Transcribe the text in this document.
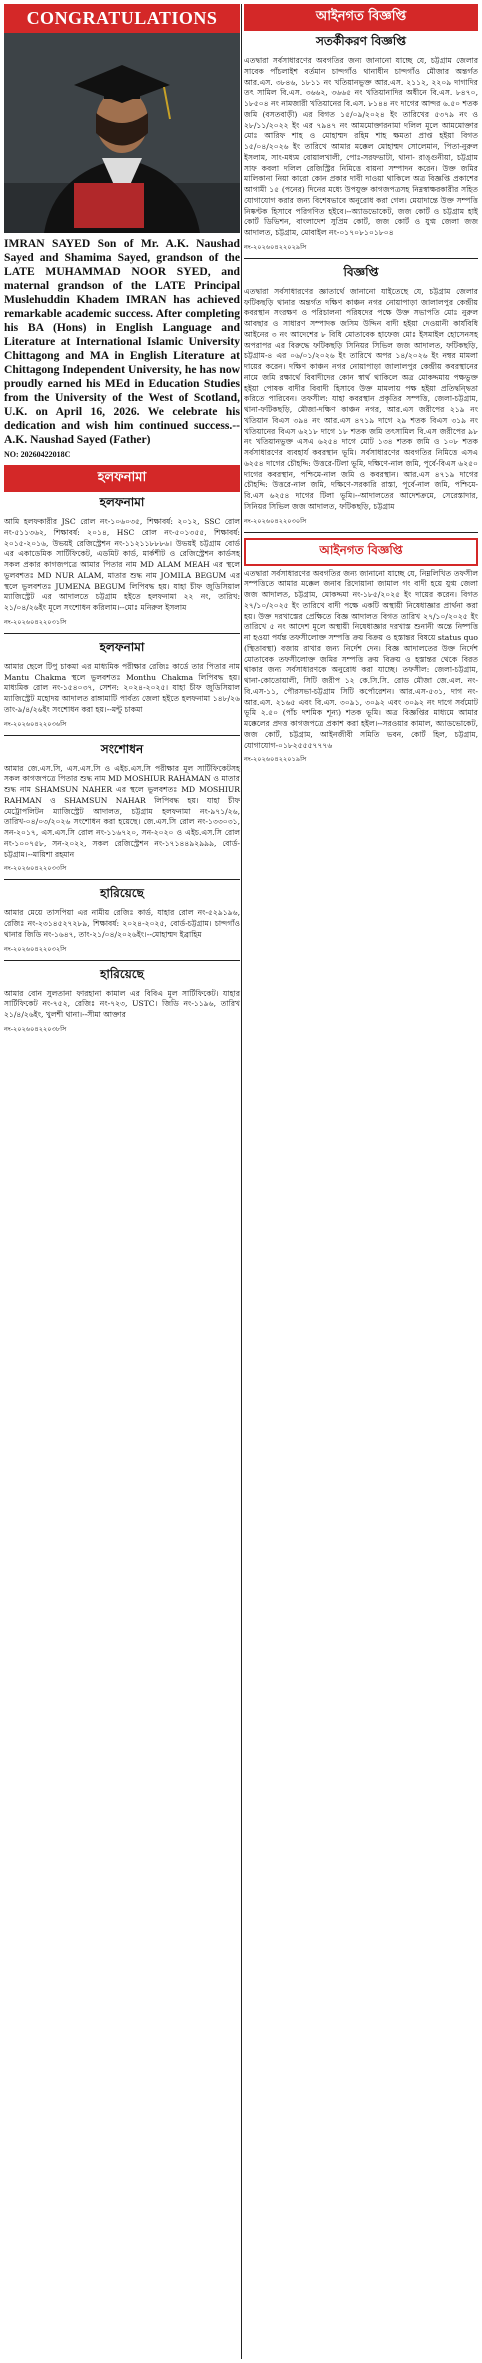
CONGRATULATIONS

IMRAN SAYED Son of Mr. A.K. Naushad Sayed and Shamima Sayed, grandson of the LATE MUHAMMAD NOOR SYED, and maternal grandson of the LATE Principal Muslehuddin Khadem IMRAN has achieved remarkable academic success. After completing his BA (Hons) in English Language and Literature at International Islamic University Chittagong and MA in English Literature at Chittagong Independent University, he has now proudly earned his MEd in Education Studies from the University of the West of Scotland, U.K. on April 16, 2026. We celebrate his dedication and wish him continued success.--A.K. Naushad Sayed (Father)

NO: 20260422018C
হলফনামা
হলফনামা

আমি হলফকারীর JSC রোল নং-১০৬০৩৫, শিক্ষাবর্ষ: ২০১২, SSC রোল নং-৫১১৩৬২, শিক্ষাবর্ষ: ২০১৪, HSC রোল নং-৫০১৩৫৫, শিক্ষাবর্ষ: ২০১৫-২০১৬, উভয়ই রেজিস্ট্রেশন নং-১১২১১৮৮৮৬। উভয়ই চট্টগ্রাম বোর্ড এর একাডেমিক সার্টিফিকেট, এডমিট কার্ড, মার্কশীট ও রেজিস্ট্রেশন কার্ডসহ সকল প্রকার কাগজপত্রে আমার পিতার নাম MD ALAM MEAH এর স্থলে ভুলবশতঃ MD NUR ALAM, মাতার শুদ্ধ নাম JOMILA BEGUM এর স্থলে ভুলবশতঃ JUMENA BEGUM লিপিবদ্ধ হয়। যাহা চীফ জুডিসিয়াল ম্যাজিস্ট্রেট এর আদালতে চট্টগ্রাম হইতে হলফনামা ২২ নং, তারিখ: ২১/০৪/২৬ইং মূলে সংশোধন করিলাম।--মোঃ মনিরুল ইসলাম

নং-২০২৬০৪২২০৩১সি
হলফনামা

আমার ছেলে টিপু চাকমা এর মাধ্যমিক পরীক্ষার রেজিঃ কার্ডে তার পিতার নাম Mantu Chakma স্থলে ভুলবশতঃ Monthu Chakma লিপিবদ্ধ হয়। মাধ্যমিক রোল নং-১৫৪০৩৭, সেশন: ২০২৪-২০২৫। যাহা চীফ জুডিসিয়াল ম্যাজিস্ট্রেট মহোদয় আদালত রাঙ্গামাটি পার্বত্য জেলা হইতে হলফনামা ১৪৮/২৬ তাং-৯/৪/২৬ইং সংশোধন করা হয়।--মন্টু চাকমা

নং-২০২৬০৪২২০৩৬সি
সংশোধন

আমার জে.এস.সি, এস.এস.সি ও এইচ.এস.সি পরীক্ষার মূল সার্টিফিকেটসহ সকল কাগজপত্রে পিতার শুদ্ধ নাম MD MOSHIUR RAHAMAN ও মাতার শুদ্ধ নাম SHAMSUN NAHER এর স্থলে ভুলবশতঃ MD MOSHIUR RAHMAN ও SHAMSUN NAHAR লিপিবদ্ধ হয়। যাহা চীফ মেট্রোপলিটন ম্যাজিস্ট্রেট আদালত, চট্টগ্রাম হলফনামা নং-৯৭১/২৬, তারিখ-০৪/০৩/২০২৬ সংশোধন করা হয়েছে। জে.এস.সি রোল নং-১৩৩০৩১, সন-২০১৭, এস.এস.সি রোল নং-১১৬৭২০, সন-২০২০ ও এইচ.এস.সি রোল নং-১০০৭৫৮, সন-২০২২, সকল রেজিস্ট্রেশন নং-১৭১৪৪৯২৯৯৯, বোর্ড-চট্টগ্রাম।--মায়িশা রহমান

নং-২০২৬০৪২২০৩৩সি
হারিয়েছে

আমার মেয়ে তাসপিয়া এর নামীয় রেজিঃ কার্ড, যাহার রোল নং-৫২৯১৯৬, রেজিঃ নং-২৩১৪৫২৭২৮৯, শিক্ষাবর্ষ: ২০২৪-২০২৫, বোর্ড-চট্টগ্রাম। চান্দগাঁও থানার জিডি নং-১৬৪৭, তাং-২১/০৪/২০২৬ইং।--মোহাম্মদ ইব্রাহিম

নং-২০২৬০৪২২০৩২সি
হারিয়েছে

আমার বোন সুলতানা ফারহানা কামাল এর বিবিএ মূল সার্টিফিকেট। যাহার সার্টিফিকেট নং-৭৫২, রেজিঃ নং-৭২৩, USTC। জিডি নং-১১৯৬, তারিখ ২১/৪/২৬ইং, খুলশী থানা।--সীমা আক্তার

নং-২০২৬০৪২২০৩৮সি
আইনগত বিজ্ঞপ্তি
সতর্কীকরণ বিজ্ঞপ্তি

এতদ্বারা সর্বসাধারণের অবগতির জন্য জানানো যাচ্ছে যে, চট্টগ্রাম জেলার সাবেক পাঁচলাইশ বর্তমান চান্দগাঁও থানাধীন চান্দগাঁও মৌজার অন্তর্গত আর.এস. ৩৮৪৬, ১৮১১ নং খতিয়ানভুক্ত আর.এস. ২১১২, ২২০৯ দাগাদির তৎ সামিল বি.এস. ৩৬৬২, ৩৬৬৫ নং খতিয়ানাদির অধীনে বি.এস. ৮৪৭০, ১৮৫০৪ নং নামজারী খতিয়ানের বি.এস. ৮১৪৪ নং দাগের আন্দর ৬.৫০ শতক জমি (বসতবাড়ী) এর বিগত ১৫/০৯/২০২৪ ইং তারিখের ৫৩৭৯ নং ও ২৮/১১/২০২২ ইং এর ৭৯৪৭ নং আমমোক্তারনামা দলিল মূলে আমমোক্তার মোঃ আরিফ শাহ ও মোহাম্মদ রহিম শাহ ক্ষমতা প্রাপ্ত হইয়া বিগত ১৫/০৪/২০২৬ ইং তারিখে আমার মক্কেল মোহাম্মদ সোলেমান, পিতা-নুরুল ইসলাম, সাং-মধ্যম বোয়ালখালী, পোঃ-সরফভাটা, থানা- রাঙ্গুনীয়া, চট্টগ্রাম সাফ কবলা দলিল রেজিস্ট্রির নিমিত্তে বায়না সম্পাদন করেন। উক্ত জমির মালিকানা নিয়া কারো কোন প্রকার দাবী দাওয়া থাকিলে অত্র বিজ্ঞপ্তি প্রকাশের আগামী ১৫ (পনের) দিনের মধ্যে উপযুক্ত কাগজপত্রসহ নিম্নস্বাক্ষরকারীর সহিত যোগাযোগ করার জন্য বিশেষভাবে অনুরোধ করা গেল। মেয়াদান্তে উক্ত সম্পত্তি নিষ্কণ্টক হিসাবে পরিগণিত হইবে।--অ্যাডভোকেট, জজ কোর্ট ও চট্টগ্রাম হাই কোর্ট ডিভিশন, বাংলাদেশ সুপ্রিম কোর্ট, জজ কোর্ট ও যুগ্ম জেলা জজ আদালত, চট্টগ্রাম, মোবাইল নং-০১৭০৮১০১৮০৪

নং-২০২৬০৪২২০২৯সি
বিজ্ঞপ্তি

এতদ্বারা সর্বসাধারণের জ্ঞাতার্থে জানানো যাইতেছে যে, চট্টগ্রাম জেলার ফটিকছড়ি থানার অন্তর্গত দক্ষিণ কাঞ্চন নগর নোয়াপাড়া জালালপুর কেন্দ্রীয় কবরস্থান সংরক্ষণ ও পরিচালনা পরিষদের পক্ষে উক্ত সভাপতি মোঃ নুরুল আবছার ও সাধারণ সম্পাদক জসিম উদ্দিন বাদী হইয়া দেওয়ানী কার্যবিধি আইনের ৩ নং আদেশের ৮ বিধি মোতাবেক হাফেজ মোঃ ইসমাইল হোসেনসহ অপরাপর এর বিরুদ্ধে ফটিকছড়ি সিনিয়র সিভিল জজ আদালত, ফটিকছড়ি, চট্টগ্রাম-৪ এর ০৬/০১/২০২৬ ইং তারিখে অপর ১৪/২০২৬ ইং নম্বর মামলা দায়ের করেন। দক্ষিণ কাঞ্চন নগর নোয়াপাড়া জালালপুর কেন্দ্রীয় কবরস্থানের নামে জমি রক্ষার্থে বিবাদীদের কোন স্বার্থ থাকিলে অত্র মোকদ্দমায় পক্ষভুক্ত হইয়া পোষক বাদীর বিবাদী হিসাবে উক্ত মামলায় পক্ষ হইয়া প্রতিদ্বন্দ্বিতা করিতে পারিবেন। তফসীল: যাহা কবরস্থান প্রকৃতির সম্পত্তি, জেলা-চট্টগ্রাম, থানা-ফটিকছড়ি, মৌজা-দক্ষিণ কাঞ্চন নগর, আর.এস জরীপের ২১৯ নং খতিয়ান বিএস ৩৯৪ নং আর.এস ৪৭১৯ দাগে ২৯ শতক বিএস ৩১৯ নং খতিয়ানের বিএস ৬২১৮ দাগে ১৮ শতক জমি তৎসামিল বি.এস জরীপের ৯৮ নং খতিয়ানভুক্ত এসএ ৬২৫৪ দাগে মোট ১৩৪ শতক জমি ও ১০৮ শতক সর্বসাধারণের ব্যবহার্য কবরস্থান ভূমি। সর্বসাধারণের অবগতির নিমিত্তে এসএ ৬২৫৪ দাগের চৌহদ্দি: উত্তরে-টিলা ভূমি, দক্ষিণে-নাল জমি, পূর্বে-বিএস ৬২৫০ দাগের কবরস্থান, পশ্চিমে-নাল জমি ও কবরস্থান। আর.এস ৪৭১৯ দাগের চৌহদ্দি: উত্তরে-নাল জমি, দক্ষিণে-সরকারি রাস্তা, পূর্বে-নাল জমি, পশ্চিমে-বি.এস ৬২৫৪ দাগের টিলা ভূমি।--আদালতের আদেশক্রমে, সেরেস্তাদার, সিনিয়র সিভিল জজ আদালত, ফটিকছড়ি, চট্টগ্রাম

নং-২০২৬০৪২২০৩০সি
আইনগত বিজ্ঞপ্তি

এতদ্বারা সর্বসাধারণের অবগতির জন্য জানানো যাচ্ছে যে, নিম্নলিখিত তফসীল সম্পত্তিতে আমার মক্কেল জনাব রিদোয়ানা জামাল গং বাদী হয়ে যুগ্ম জেলা জজ আদালত, চট্টগ্রাম, মোকদ্দমা নং-১৮৫/২০২৫ ইং দায়ের করেন। বিগত ২৭/১০/২০২৫ ইং তারিখে বাদী পক্ষে একটি অস্থায়ী নিষেধাজ্ঞার প্রার্থনা করা হয়। উক্ত দরখাস্তের প্রেক্ষিতে বিজ্ঞ আদালত বিগত তারিখ ২৭/১০/২০২৫ ইং তারিখে ৫ নং আদেশ মূলে অস্থায়ী নিষেধাজ্ঞার দরখাস্ত শুনানী অন্তে নিষ্পত্তি না হওয়া পর্যন্ত তফসীলোক্ত সম্পত্তি ক্রয় বিক্রয় ও হস্তান্তর বিষয়ে status quo (স্থিতাবস্থা) বজায় রাখার জন্য নির্দেশ দেন। বিজ্ঞ আদালতের উক্ত নির্দেশ মোতাবেক তফসীলোক্ত জমির সম্পত্তি ক্রয় বিক্রয় ও হস্তান্তর থেকে বিরত থাকার জন্য সর্বসাধারণকে অনুরোধ করা যাচ্ছে। তফসীল: জেলা-চট্টগ্রাম, থানা-কোতোয়ালী, সিটি জরীপ ১২ কে.সি.সি. রোড মৌজা জে.এল. নং-বি.এস-১১, পৌরসভা-চট্টগ্রাম সিটি কর্পোরেশন। আর.এস-৫৩১, দাগ নং-আর.এস. ২১৬৫ এবং বি.এস. ৩০৯১, ৩০৯২ এবং ৩০৯২ নং দাগে সর্বমোট ভূমি ২.৫০ (পাঁচ দশমিক শূন্য) শতক ভূমি। অত্র বিজ্ঞপ্তির মাধ্যমে আমার মক্কেলের প্রদত্ত কাগজপত্রে প্রকাশ করা হইল।--সরওয়ার কামাল, অ্যাডভোকেট, জজ কোর্ট, চট্টগ্রাম, আইনজীবী সমিতি ভবন, কোর্ট হিল, চট্টগ্রাম, যোগাযোগ-০১৮২৫৫৫৭৭৭৬

নং-২০২৬০৪২২০১৯সি
